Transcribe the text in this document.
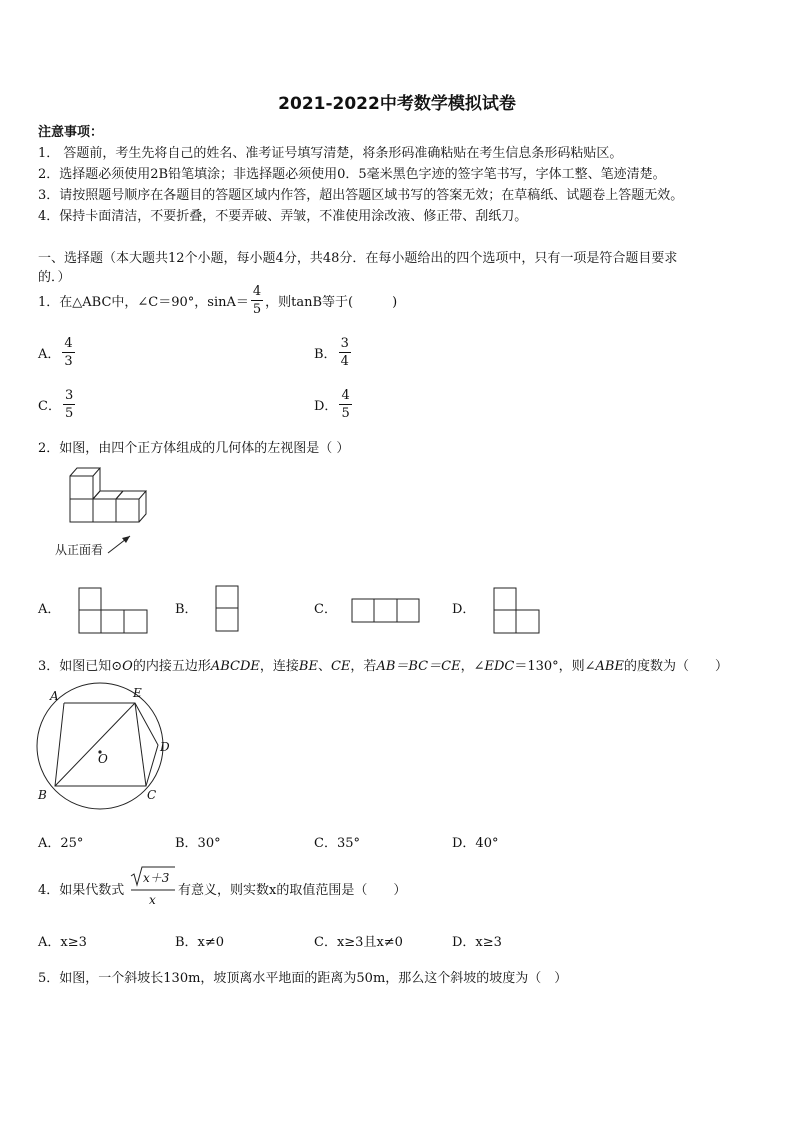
2021-2022中考数学模拟试卷
注意事项：
1． 答题前，考生先将自己的姓名、准考证号填写清楚，将条形码准确粘贴在考生信息条形码粘贴区。
2．选择题必须使用2B铅笔填涂；非选择题必须使用0．5毫米黑色字迹的签字笔书写，字体工整、笔迹清楚。
3．请按照题号顺序在各题目的答题区域内作答，超出答题区域书写的答案无效；在草稿纸、试题卷上答题无效。
4．保持卡面清洁，不要折叠，不要弄破、弄皱，不准使用涂改液、修正带、刮纸刀。
一、选择题（本大题共12个小题，每小题4分，共48分．在每小题给出的四个选项中，只有一项是符合题目要求
的．）
1．在△ABC中，∠C＝90°，$\sin A= \frac{4}{5}$ ，则tanB等于(　　　)
A． $\frac{4}{3}$	B． $\frac{3}{4}$
C． $\frac{3}{5}$	D． $\frac{4}{5}$
2．如图，由四个正方体组成的几何体的左视图是（ ）
从正面看
A．	B．	C．	D．
3．如图已知⊙O的内接五边形ABCDE，连接BE、CE，若AB＝BC＝CE，∠EDC＝130°，则∠ABE的度数为（　　）
A	E
D
O
B	C
A．25°	B．30°	C．35°	D．40°
4．如果代数式
x＋3
x
有意义，则实数x的取值范围是（　　）
A．x≥3	B．x≠0	C．x≥3且x≠0	D．x≥3
5．如图，一个斜坡长130m，坡顶离水平地面的距离为50m，那么这个斜坡的坡度为（　）
